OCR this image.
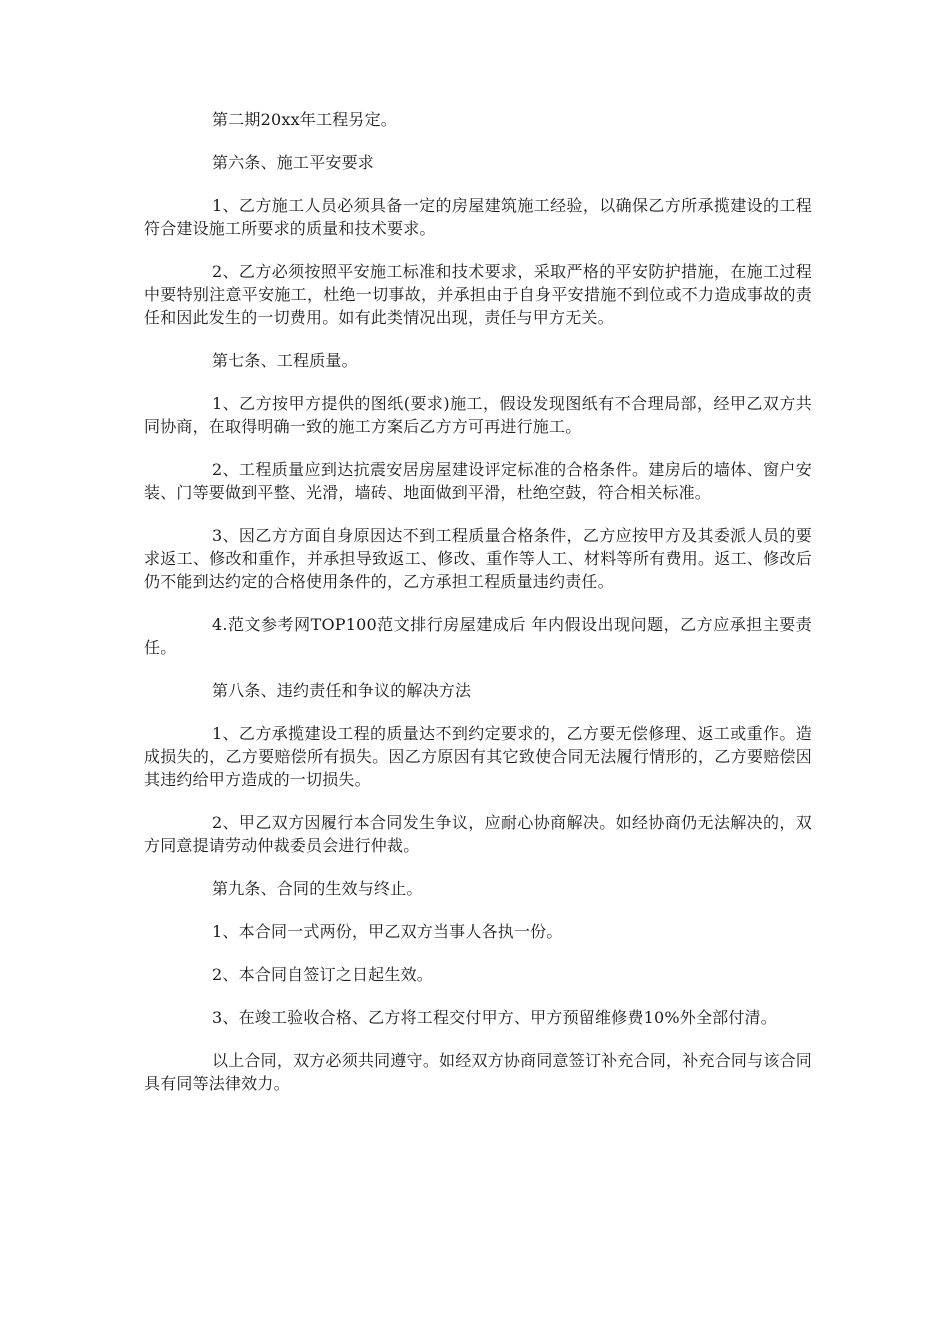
第二期20xx年工程另定。

第六条、施工平安要求

1、乙方施工人员必须具备一定的房屋建筑施工经验，以确保乙方所承揽建设的工程符合建设施工所要求的质量和技术要求。

2、乙方必须按照平安施工标准和技术要求，采取严格的平安防护措施，在施工过程中要特别注意平安施工，杜绝一切事故，并承担由于自身平安措施不到位或不力造成事故的责任和因此发生的一切费用。如有此类情况出现，责任与甲方无关。

第七条、工程质量。

1、乙方按甲方提供的图纸(要求)施工，假设发现图纸有不合理局部，经甲乙双方共同协商，在取得明确一致的施工方案后乙方方可再进行施工。

2、工程质量应到达抗震安居房屋建设评定标准的合格条件。建房后的墙体、窗户安装、门等要做到平整、光滑，墙砖、地面做到平滑，杜绝空鼓，符合相关标准。

3、因乙方方面自身原因达不到工程质量合格条件，乙方应按甲方及其委派人员的要求返工、修改和重作，并承担导致返工、修改、重作等人工、材料等所有费用。返工、修改后仍不能到达约定的合格使用条件的，乙方承担工程质量违约责任。

4.范文参考网TOP100范文排行房屋建成后 年内假设出现问题，乙方应承担主要责任。

第八条、违约责任和争议的解决方法

1、乙方承揽建设工程的质量达不到约定要求的，乙方要无偿修理、返工或重作。造成损失的，乙方要赔偿所有损失。因乙方原因有其它致使合同无法履行情形的，乙方要赔偿因其违约给甲方造成的一切损失。

2、甲乙双方因履行本合同发生争议，应耐心协商解决。如经协商仍无法解决的，双方同意提请劳动仲裁委员会进行仲裁。

第九条、合同的生效与终止。

1、本合同一式两份，甲乙双方当事人各执一份。

2、本合同自签订之日起生效。

3、在竣工验收合格、乙方将工程交付甲方、甲方预留维修费10%外全部付清。

以上合同，双方必须共同遵守。如经双方协商同意签订补充合同，补充合同与该合同具有同等法律效力。
